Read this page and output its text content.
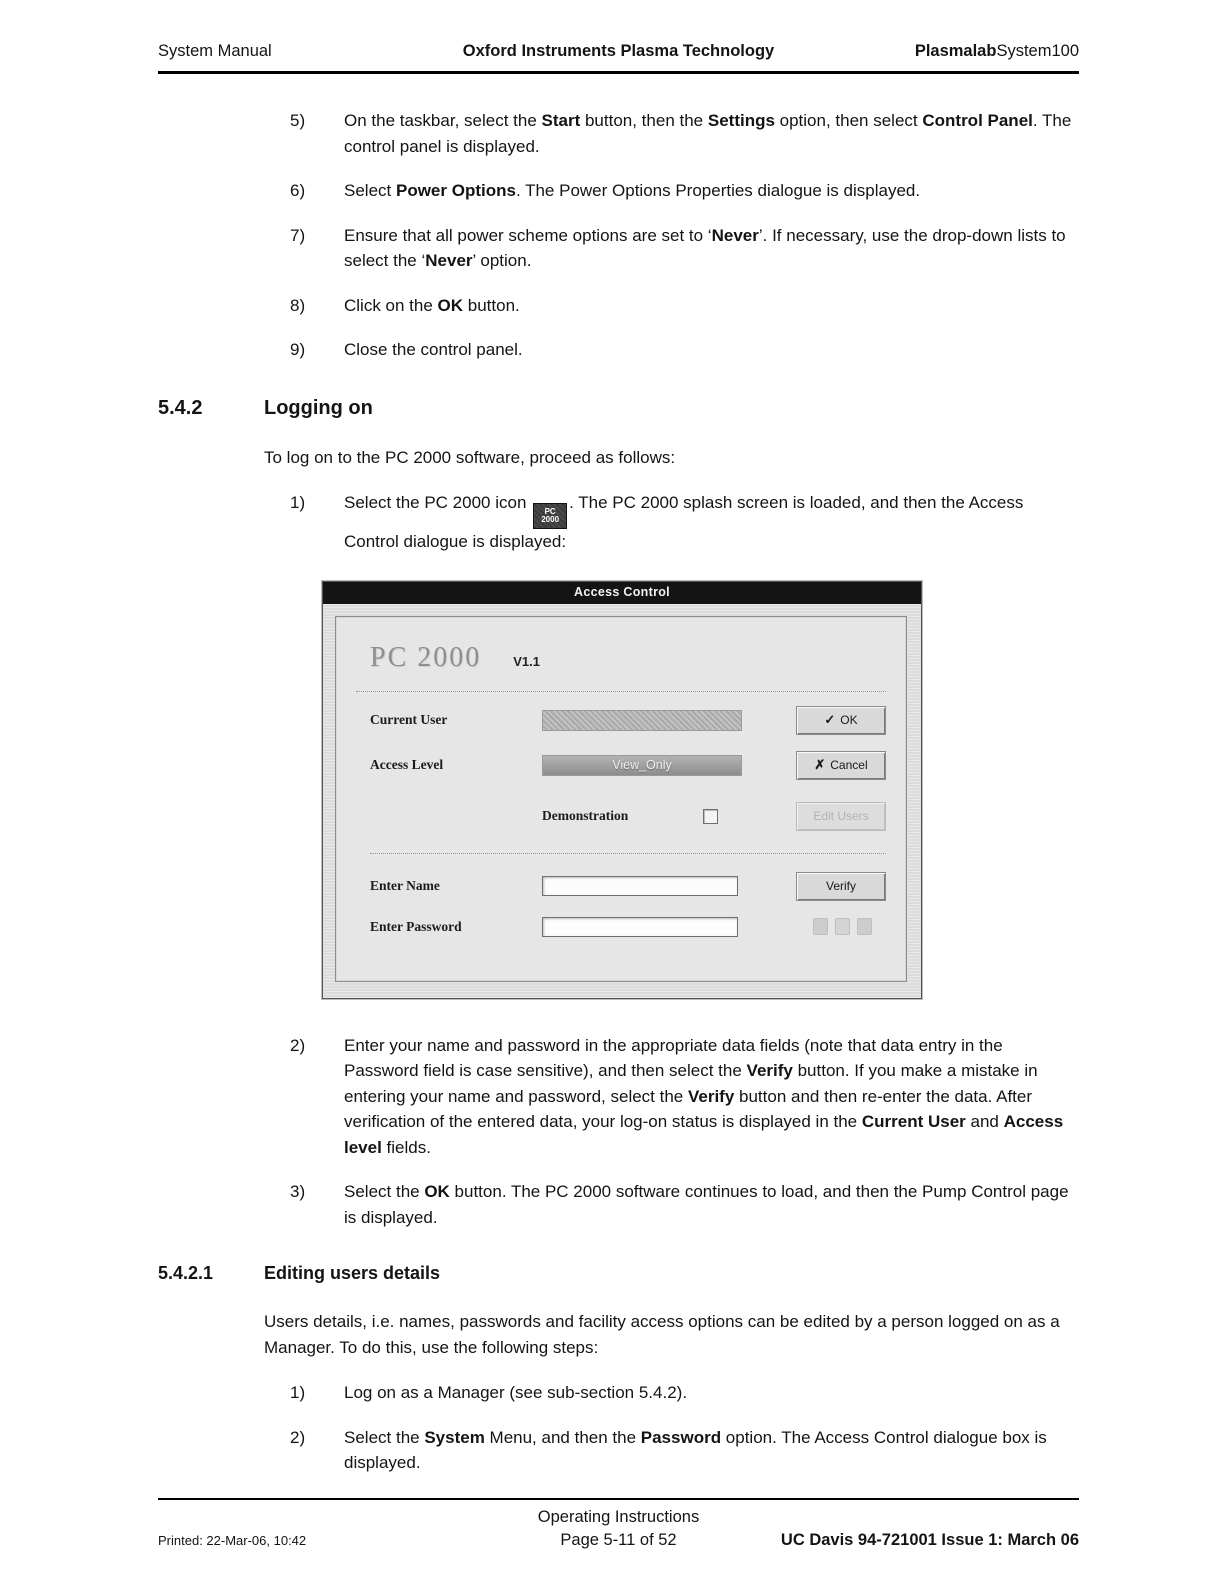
System Manual	Oxford Instruments Plasma Technology	PlasmalabSystem100
5)	On the taskbar, select the Start button, then the Settings option, then select Control Panel. The control panel is displayed.
6)	Select Power Options. The Power Options Properties dialogue is displayed.
7)	Ensure that all power scheme options are set to ‘Never’. If necessary, use the drop-down lists to select the ‘Never’ option.
8)	Click on the OK button.
9)	Close the control panel.
5.4.2	Logging on

To log on to the PC 2000 software, proceed as follows:

1)	Select the PC 2000 icon PC
2000
. The PC 2000 splash screen is loaded, and then the Access Control dialogue is displayed:
Access Control
PC 2000 V1.1
Current User	✓ OK
Access Level	View_Only	✗ Cancel
Demonstration	Edit Users
Enter Name	Verify
Enter Password
2)	Enter your name and password in the appropriate data fields (note that data entry in the Password field is case sensitive), and then select the Verify button. If you make a mistake in entering your name and password, select the Verify button and then re-enter the data. After verification of the entered data, your log-on status is displayed in the Current User and Access level fields.
3)	Select the OK button. The PC 2000 software continues to load, and then the Pump Control page is displayed.
5.4.2.1	Editing users details

Users details, i.e. names, passwords and facility access options can be edited by a person logged on as a Manager. To do this, use the following steps:

1)	Log on as a Manager (see sub-section 5.4.2).
2)	Select the System Menu, and then the Password option. The Access Control dialogue box is displayed.
Operating Instructions
Printed: 22-Mar-06, 10:42	Page 5-11 of 52	UC Davis 94-721001 Issue 1: March 06
